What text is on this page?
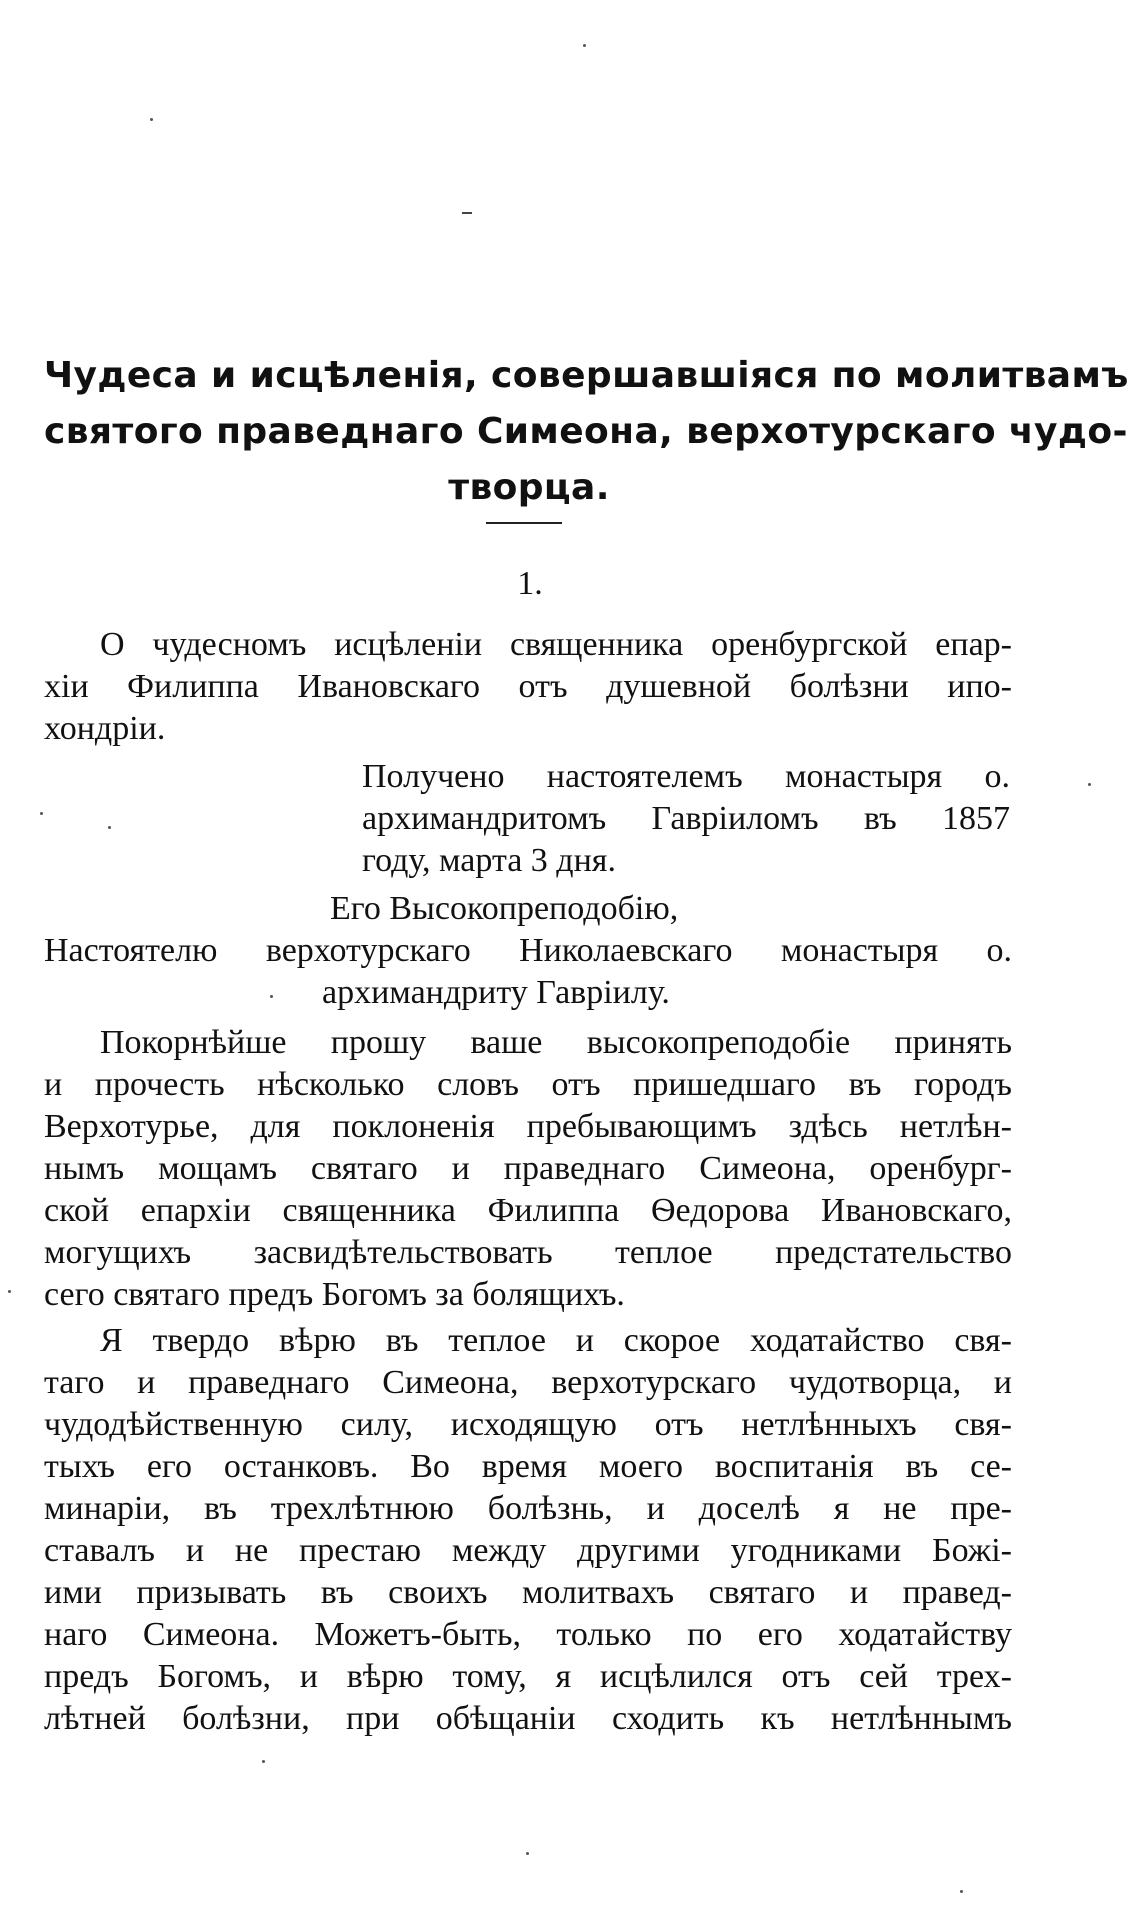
Чудеса и исцѣленія, совершавшіяся по молитвамъ
святого праведнаго Симеона, верхотурскаго чудо-
творца.
1.
О чудесномъ исцѣленіи священника оренбургской епар-
хіи Филиппа Ивановскаго отъ душевной болѣзни ипо-
хондріи.
Получено настоятелемъ монастыря о.
архимандритомъ Гавріиломъ въ 1857
году, марта 3 дня.
Его Высокопреподобію,
Настоятелю верхотурскаго Николаевскаго монастыря о.
архимандриту Гавріилу.
Покорнѣйше прошу ваше высокопреподобіе принять
и прочесть нѣсколько словъ отъ пришедшаго въ городъ
Верхотурье, для поклоненія пребывающимъ здѣсь нетлѣн-
нымъ мощамъ святаго и праведнаго Симеона, оренбург-
ской епархіи священника Филиппа Ѳедорова Ивановскаго,
могущихъ засвидѣтельствовать теплое предстательство
сего святаго предъ Богомъ за болящихъ.
Я твердо вѣрю въ теплое и скорое ходатайство свя-
таго и праведнаго Симеона, верхотурскаго чудотворца, и
чудодѣйственную силу, исходящую отъ нетлѣнныхъ свя-
тыхъ его останковъ. Во время моего воспитанія въ се-
минаріи, въ трехлѣтнюю болѣзнь, и доселѣ я не пре-
ставалъ и не престаю между другими угодниками Божі-
ими призывать въ своихъ молитвахъ святаго и правед-
наго Симеона. Можетъ-быть, только по его ходатайству
предъ Богомъ, и вѣрю тому, я исцѣлился отъ сей трех-
лѣтней болѣзни, при обѣщаніи сходить къ нетлѣннымъ
